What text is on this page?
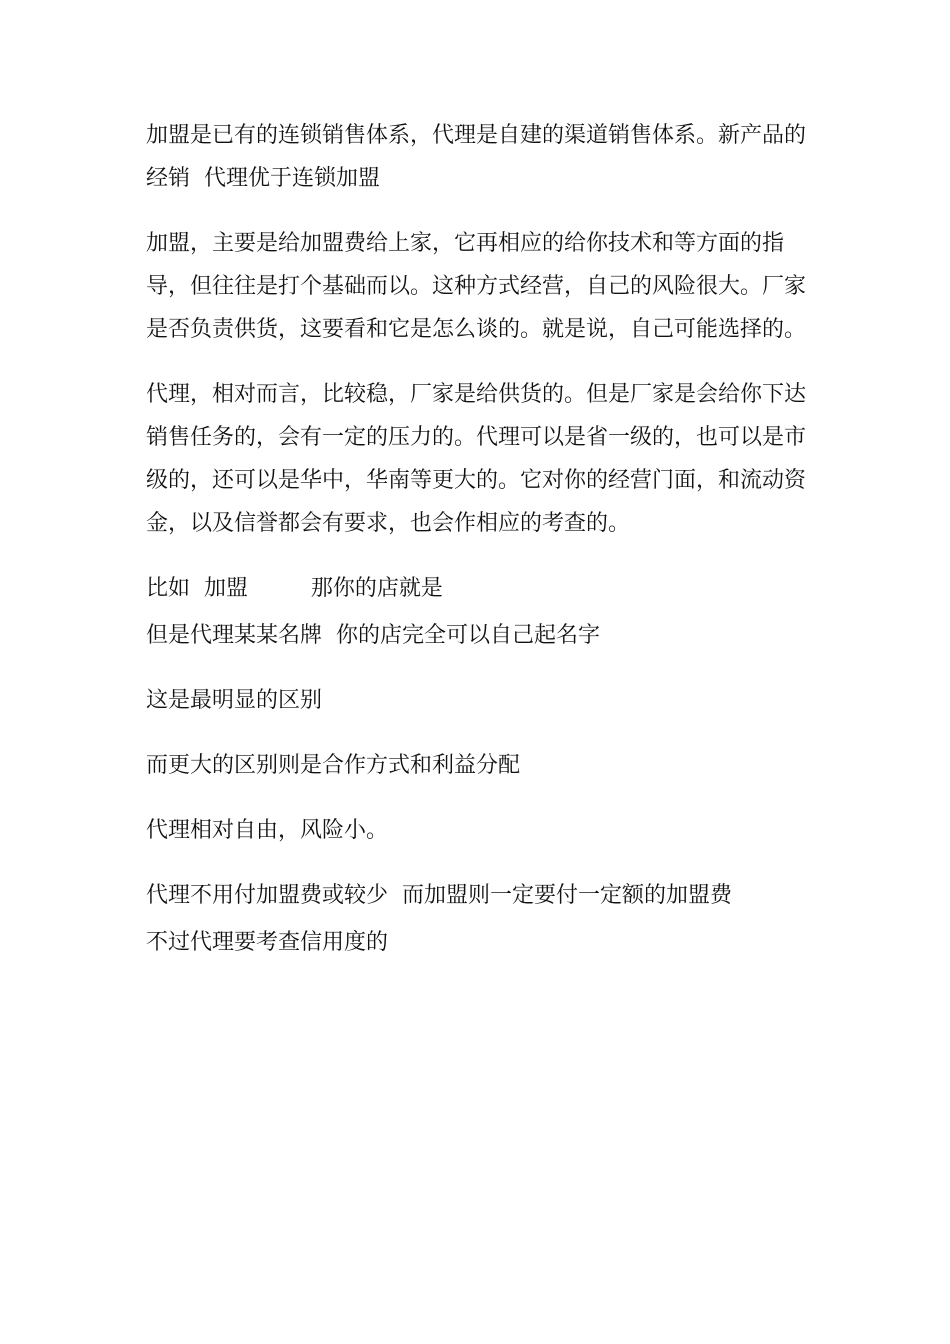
加盟是已有的连锁销售体系，代理是自建的渠道销售体系。新产品的经销  代理优于连锁加盟

加盟，主要是给加盟费给上家，它再相应的给你技术和等方面的指导，但往往是打个基础而以。这种方式经营，自己的风险很大。厂家是否负责供货，这要看和它是怎么谈的。就是说，自己可能选择的。

代理，相对而言，比较稳，厂家是给供货的。但是厂家是会给你下达销售任务的，会有一定的压力的。代理可以是省一级的，也可以是市级的，还可以是华中，华南等更大的。它对你的经营门面，和流动资金，以及信誉都会有要求，也会作相应的考查的。

比如  加盟         那你的店就是

但是代理某某名牌  你的店完全可以自己起名字

这是最明显的区别

而更大的区别则是合作方式和利益分配

代理相对自由，风险小。

代理不用付加盟费或较少  而加盟则一定要付一定额的加盟费

不过代理要考查信用度的
